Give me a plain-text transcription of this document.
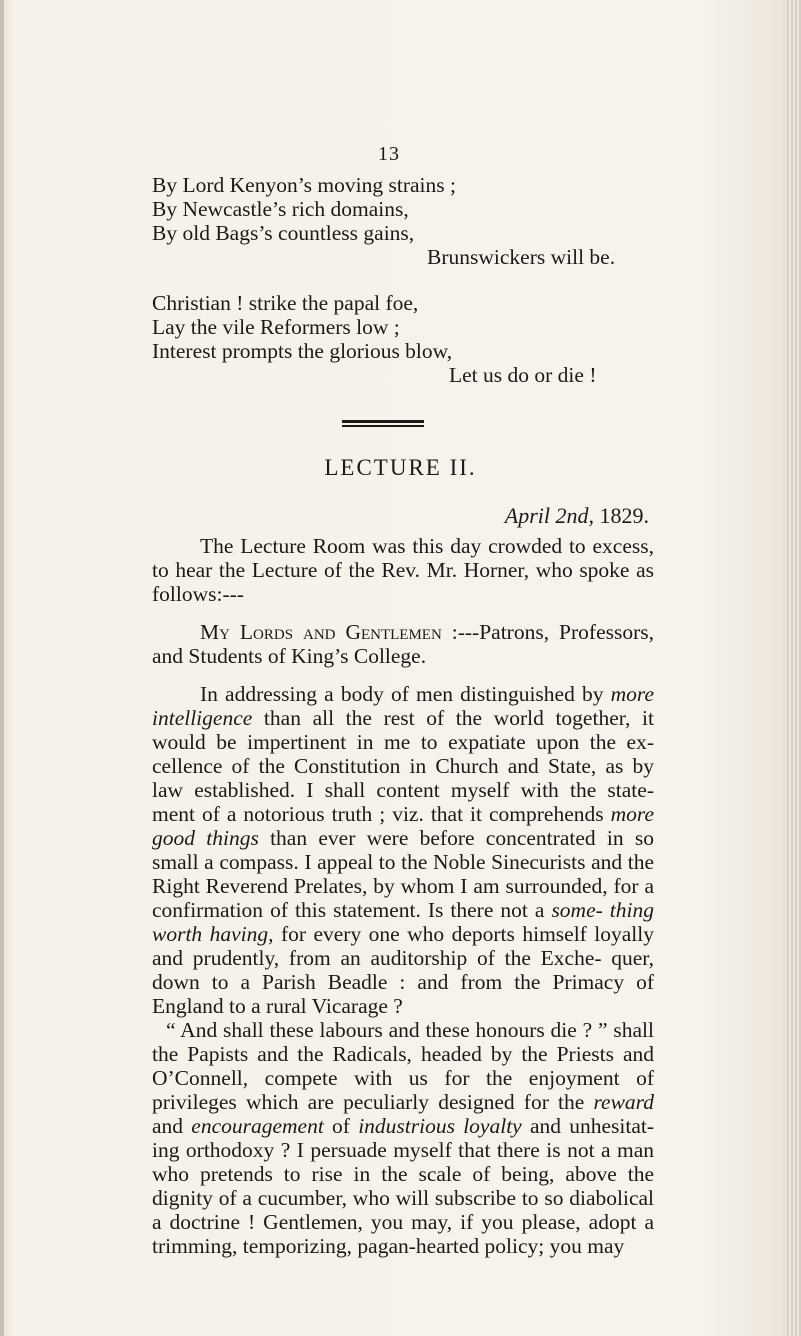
13
By Lord Kenyon’s moving strains ;
By Newcastle’s rich domains,
By old Bags’s countless gains,
Brunswickers will be.
Christian ! strike the papal foe,
Lay the vile Reformers low ;
Interest prompts the glorious blow,
Let us do or die !
LECTURE II.
April 2nd, 1829.

The Lecture Room was this day crowded to excess, to hear the Lecture of the Rev. Mr. Horner, who spoke as follows:---

My Lords and Gentlemen :---Patrons, Professors, and Students of King’s College.

In addressing a body of men distinguished by more intelligence than all the rest of the world together, it would be impertinent in me to expatiate upon the ex- cellence of the Constitution in Church and State, as by law established. I shall content myself with the state- ment of a notorious truth ; viz. that it comprehends more good things than ever were before concentrated in so small a compass. I appeal to the Noble Sinecurists and the Right Reverend Prelates, by whom I am surrounded, for a confirmation of this statement. Is there not a some- thing worth having, for every one who deports himself loyally and prudently, from an auditorship of the Exche- quer, down to a Parish Beadle : and from the Primacy of England to a rural Vicarage ?

“ And shall these labours and these honours die ? ” shall the Papists and the Radicals, headed by the Priests and O’Connell, compete with us for the enjoyment of privileges which are peculiarly designed for the reward and encouragement of industrious loyalty and unhesitat- ing orthodoxy ? I persuade myself that there is not a man who pretends to rise in the scale of being, above the dignity of a cucumber, who will subscribe to so diabolical a doctrine ! Gentlemen, you may, if you please, adopt a trimming, temporizing, pagan-hearted policy; you may
